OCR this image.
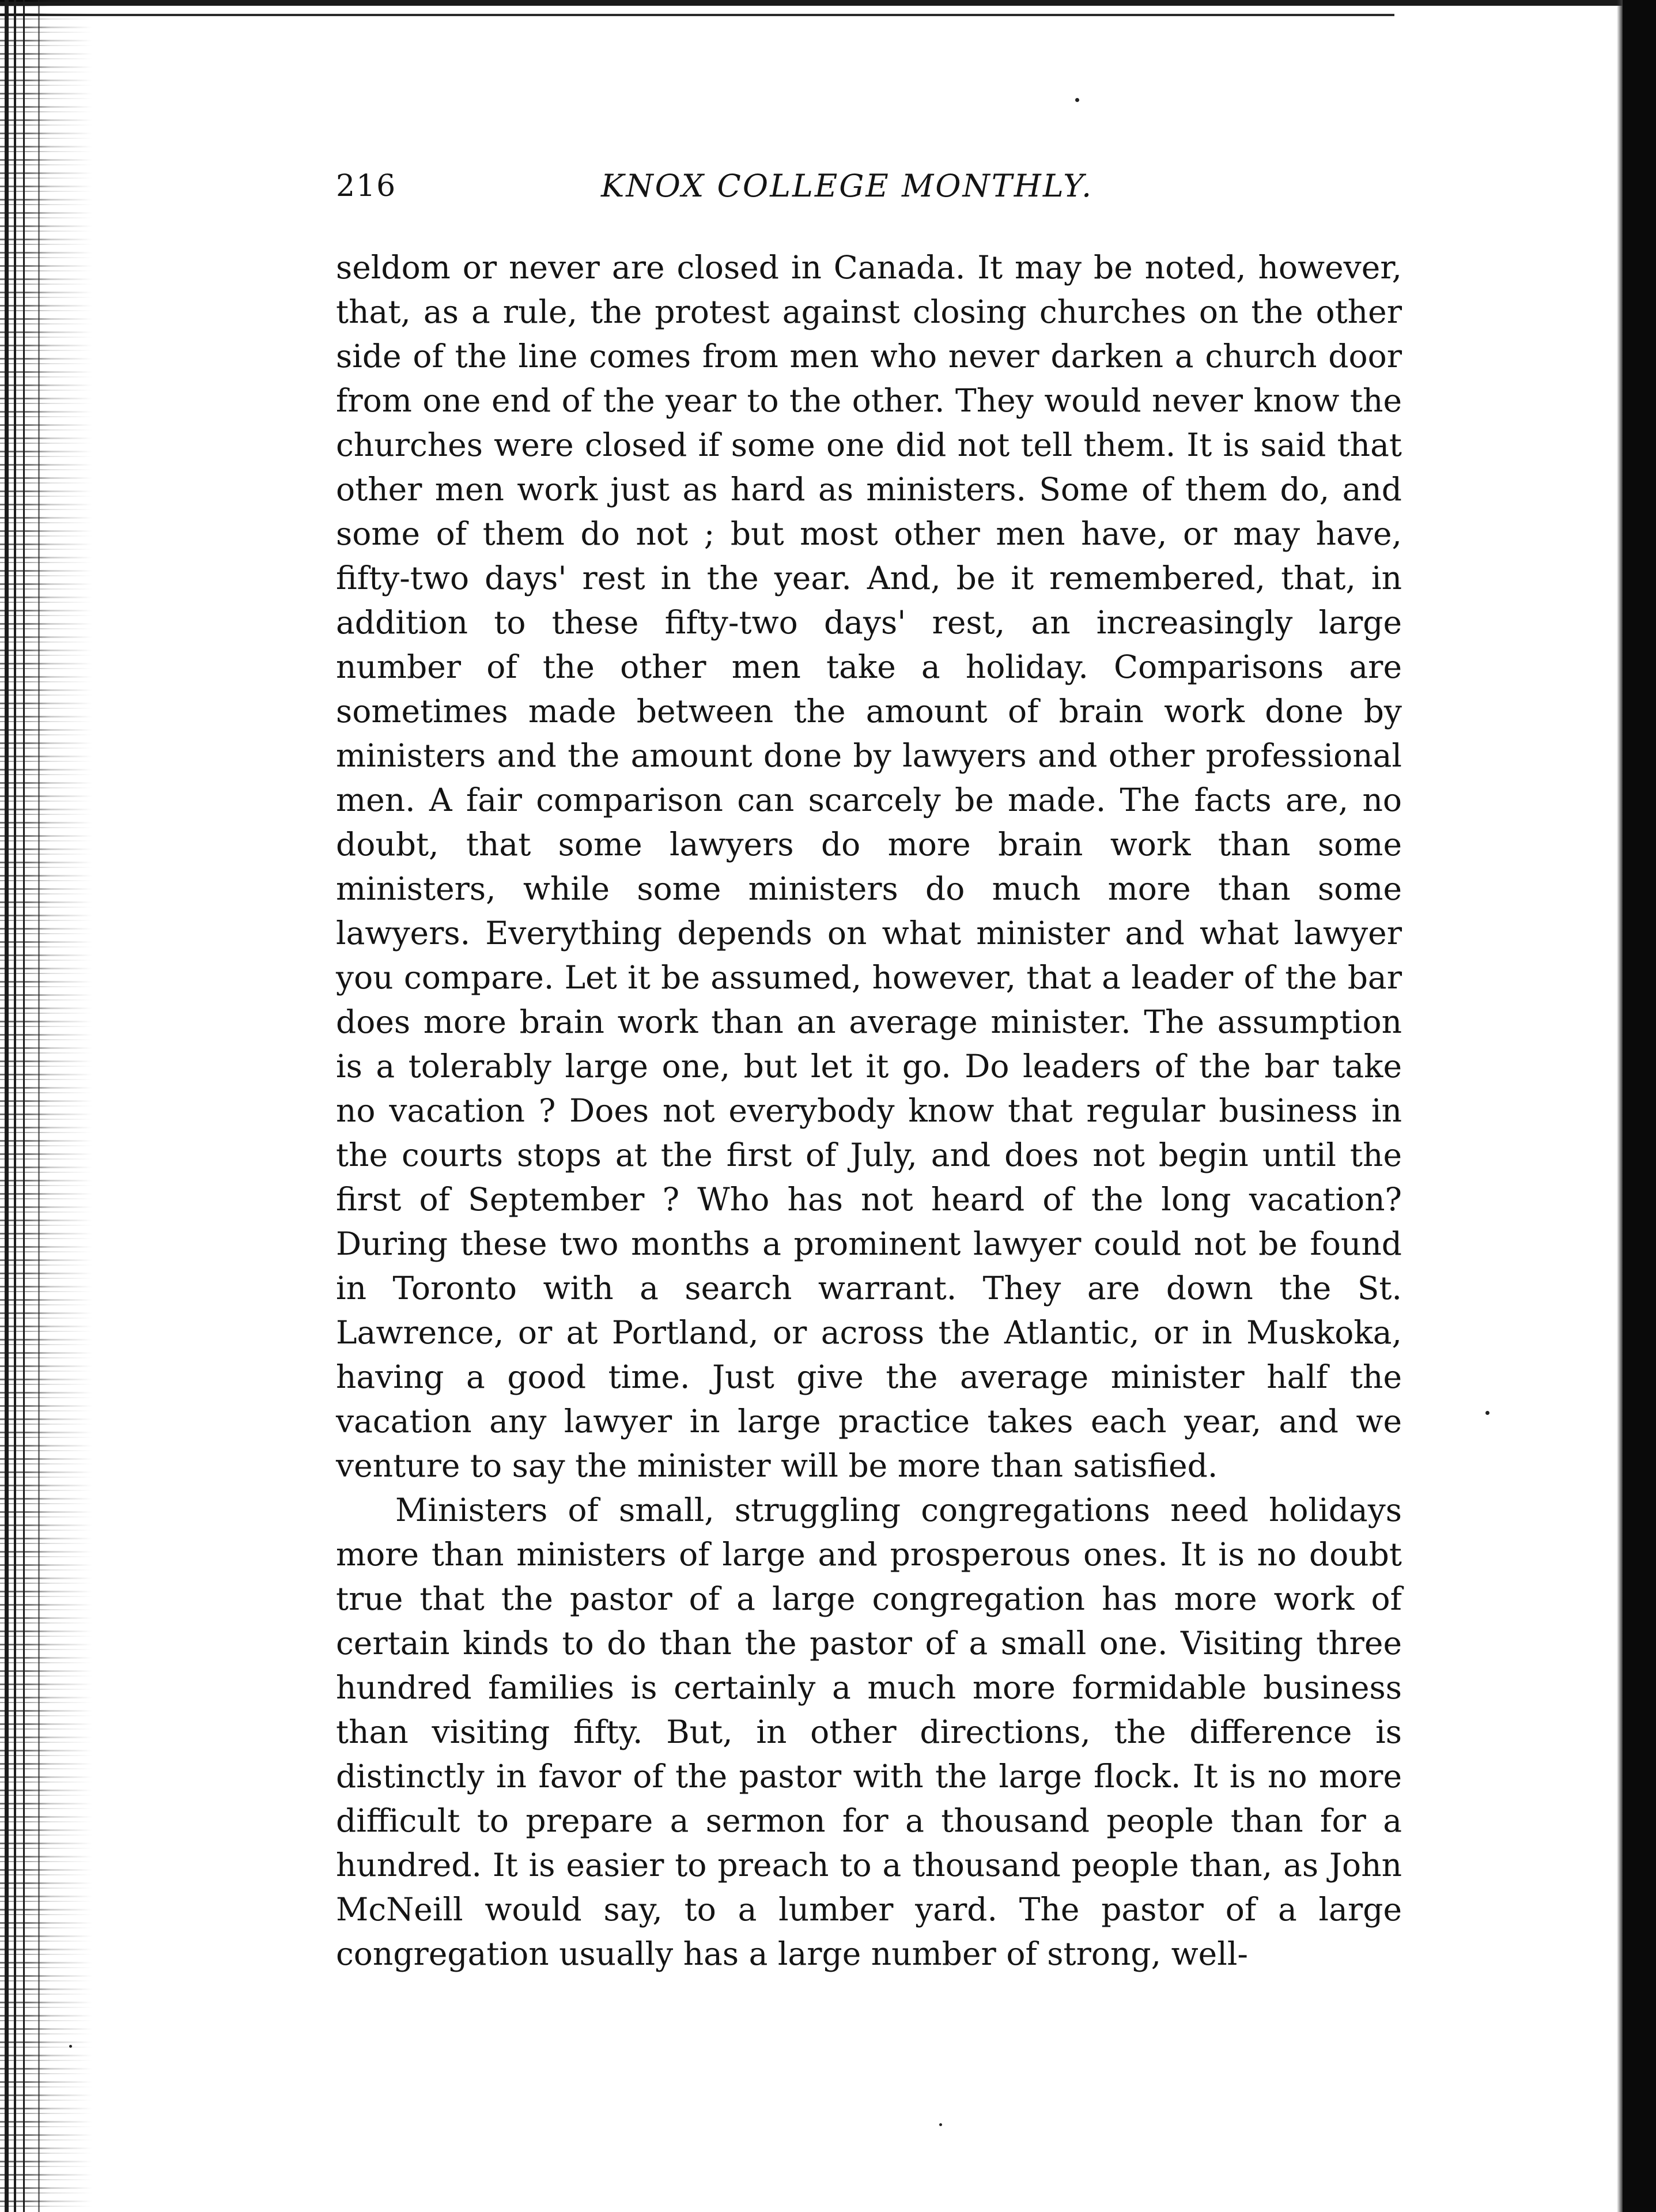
216	KNOX COLLEGE MONTHLY.

seldom or never are closed in Canada. It may be noted, however, that, as a rule, the protest against closing churches on the other side of the line comes from men who never darken a church door from one end of the year to the other. They would never know the churches were closed if some one did not tell them. It is said that other men work just as hard as ministers. Some of them do, and some of them do not ; but most other men have, or may have, fifty-two days' rest in the year. And, be it remembered, that, in addition to these fifty-two days' rest, an increasingly large number of the other men take a holiday. Comparisons are sometimes made between the amount of brain work done by ministers and the amount done by lawyers and other professional men. A fair comparison can scarcely be made. The facts are, no doubt, that some lawyers do more brain work than some ministers, while some ministers do much more than some lawyers. Everything depends on what minister and what lawyer you compare. Let it be assumed, however, that a leader of the bar does more brain work than an average minister. The assumption is a tolerably large one, but let it go. Do leaders of the bar take no vacation ? Does not everybody know that regular business in the courts stops at the first of July, and does not begin until the first of September ? Who has not heard of the long vacation? During these two months a prominent lawyer could not be found in Toronto with a search warrant. They are down the St. Lawrence, or at Portland, or across the Atlantic, or in Muskoka, having a good time. Just give the average minister half the vacation any lawyer in large practice takes each year, and we venture to say the minister will be more than satisfied.

Ministers of small, struggling congregations need holidays more than ministers of large and prosperous ones. It is no doubt true that the pastor of a large congregation has more work of certain kinds to do than the pastor of a small one. Visiting three hundred families is certainly a much more formidable business than visiting fifty. But, in other directions, the difference is distinctly in favor of the pastor with the large flock. It is no more difficult to prepare a sermon for a thousand people than for a hundred. It is easier to preach to a thousand people than, as John McNeill would say, to a lumber yard. The pastor of a large congregation usually has a large number of strong, well-
